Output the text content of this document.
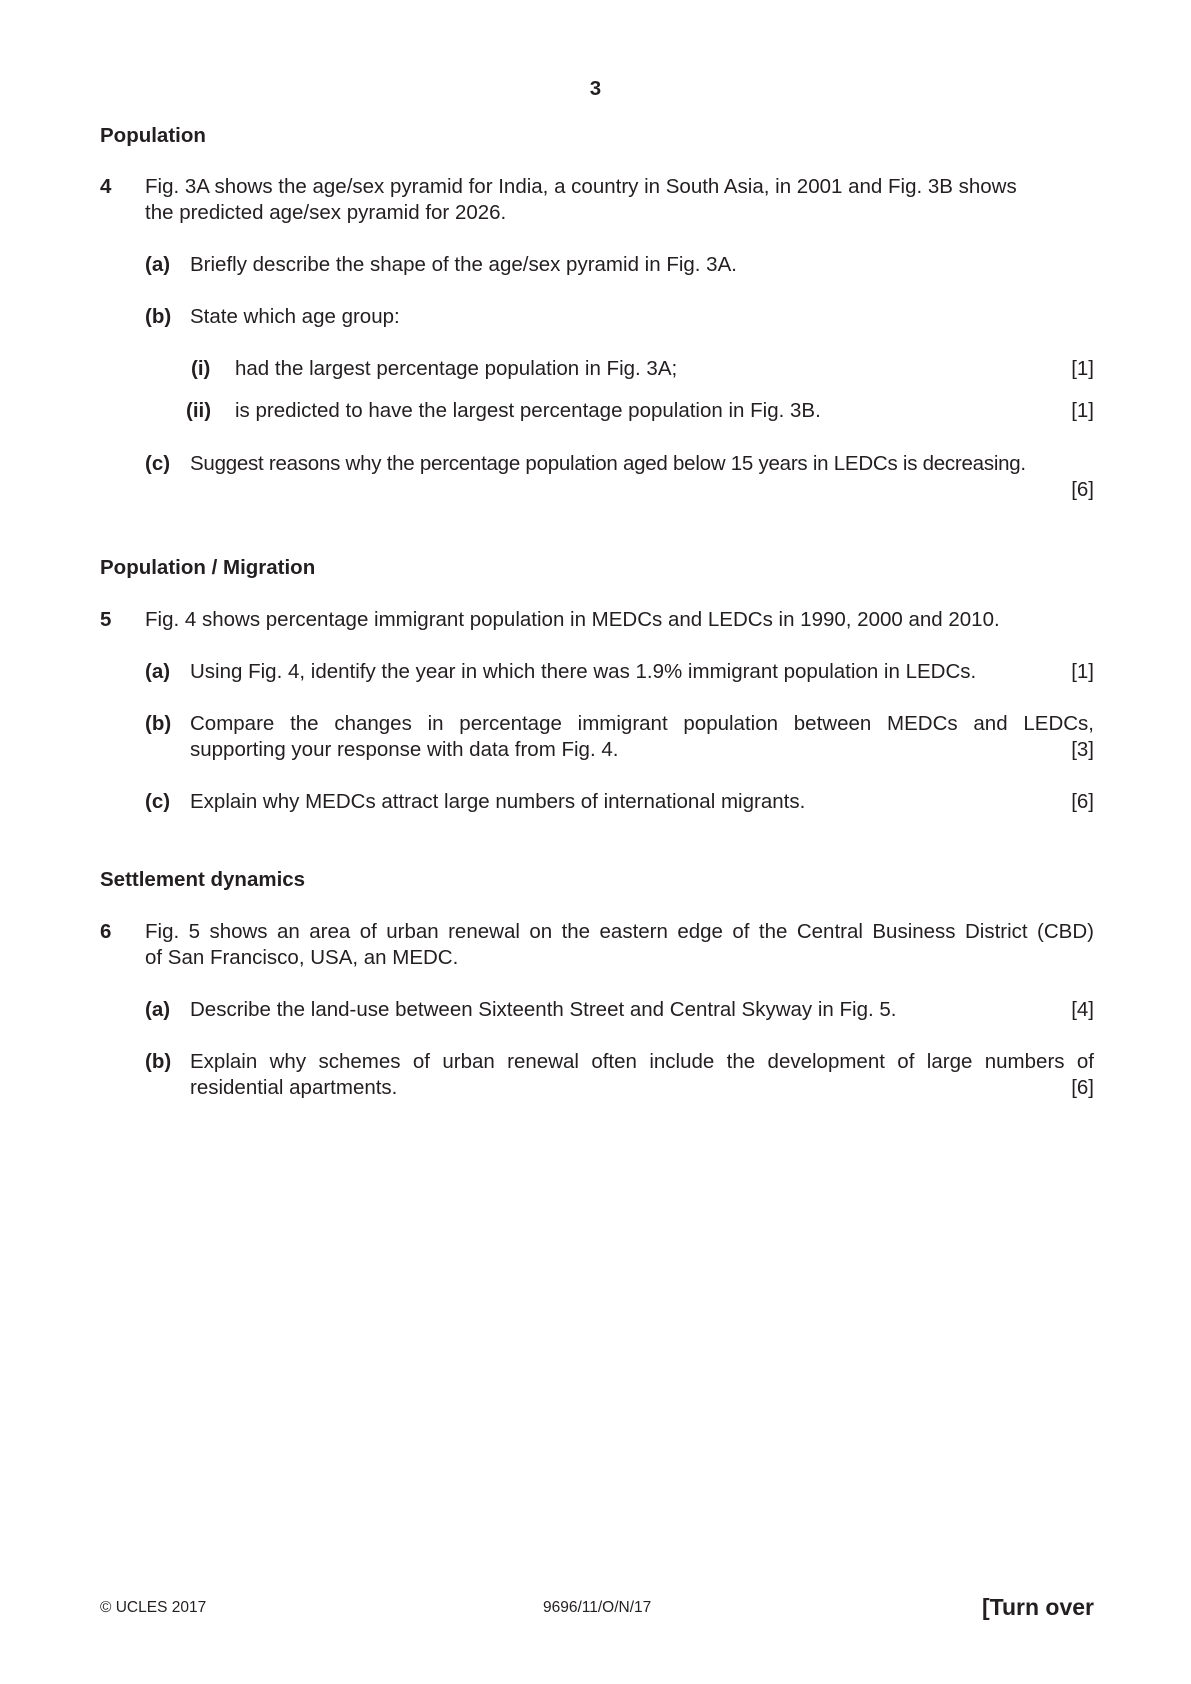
3
Population
4 Fig. 3A shows the age/sex pyramid for India, a country in South Asia, in 2001 and Fig. 3B shows
the predicted age/sex pyramid for 2026.
(a) Briefly describe the shape of the age/sex pyramid in Fig. 3A.
(b) State which age group:
(i) had the largest percentage population in Fig. 3A;	[1]
(ii) is predicted to have the largest percentage population in Fig. 3B.	[1]
(c) Suggest reasons why the percentage population aged below 15 years in LEDCs is decreasing.
[6]
Population / Migration
5 Fig. 4 shows percentage immigrant population in MEDCs and LEDCs in 1990, 2000 and 2010.
(a) Using Fig. 4, identify the year in which there was 1.9% immigrant population in LEDCs.	[1]
(b) Compare the changes in percentage immigrant population between MEDCs and LEDCs,
supporting your response with data from Fig. 4.	[3]
(c) Explain why MEDCs attract large numbers of international migrants.	[6]
Settlement dynamics
6 Fig. 5 shows an area of urban renewal on the eastern edge of the Central Business District (CBD)
of San Francisco, USA, an MEDC.
(a) Describe the land-use between Sixteenth Street and Central Skyway in Fig. 5.	[4]
(b) Explain why schemes of urban renewal often include the development of large numbers of
residential apartments.	[6]
© UCLES 2017	9696/11/O/N/17	[Turn over
